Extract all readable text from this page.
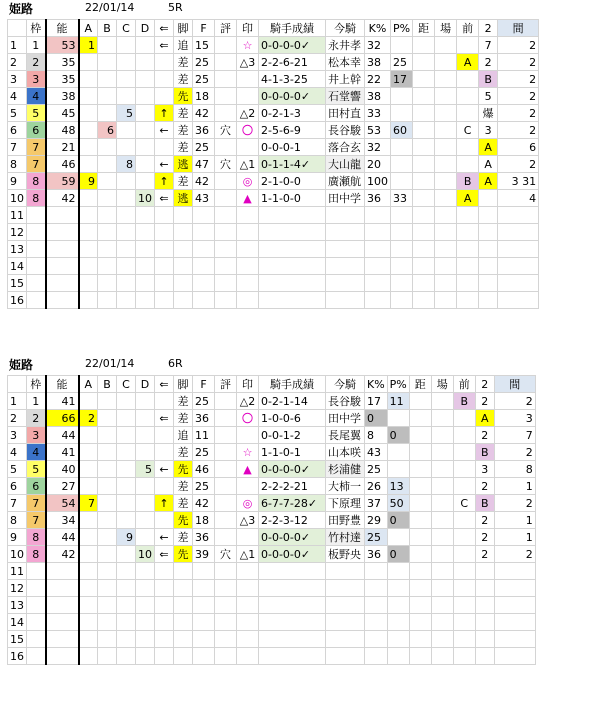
姫路	22/01/14	5R
	枠	能	A	B	C	D	⇐	脚	F	評	印	騎手成績	今騎	K%	P%	距	場	前	2	間
1	1	53	1				⇐	追	15		☆	0-0-0-0✓	永井孝	32					7	2
2	2	35						差	25		△3	2-2-6-21	松本幸	38	25			A	2	2
3	3	35						差	25			4-1-3-25	井上幹	22	17				B	2
4	4	38						先	18			0-0-0-0✓	石堂響	38					5	2
5	5	45			5		↑	差	42		△2	0-2-1-3	田村直	33					爆	2
6	6	48		6			←	差	36	穴	〇	2-5-6-9	長谷駿	53	60			C	3	2
7	7	21						差	25			0-0-0-1	落合玄	32					A	6
8	7	46			8		←	逃	47	穴	△1	0-1-1-4✓	大山龍	20					A	2
9	8	59	9				↑	差	42		◎	2-1-0-0	廣瀬航	100				B	A	3 31
10	8	42				10	⇐	逃	43		▲	1-1-0-0	田中学	36	33			A		4
11																				
12																				
13																				
14																				
15																				
16																				
姫路	22/01/14	6R
	枠	能	A	B	C	D	⇐	脚	F	評	印	騎手成績	今騎	K%	P%	距	場	前	2	間
1	1	41						差	25		△2	0-2-1-14	長谷駿	17	11			B	2	2
2	2	66	2				⇐	差	36		〇	1-0-0-6	田中学	0					A	3
3	3	44						追	11			0-0-1-2	長尾翼	8	0				2	7
4	4	41						差	25		☆	1-1-0-1	山本咲	43					B	2
5	5	40				5	←	先	46		▲	0-0-0-0✓	杉浦健	25					3	8
6	6	27						差	25			2-2-2-21	大柿一	26	13				2	1
7	7	54	7				↑	差	42		◎	6-7-7-28✓	下原理	37	50			C	B	2
8	7	34						先	18		△3	2-2-3-12	田野豊	29	0				2	1
9	8	44			9		←	差	36			0-0-0-0✓	竹村達	25					2	1
10	8	42				10	⇐	先	39	穴	△1	0-0-0-0✓	板野央	36	0				2	2
11																				
12																				
13																				
14																				
15																				
16																				
